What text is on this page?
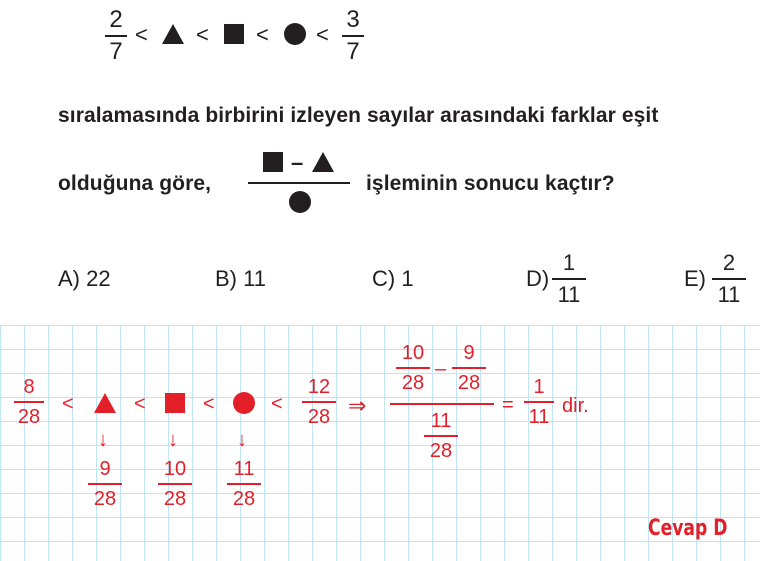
2
7
< < < <
3
7
sıralamasında birbirini izleyen sayılar arasındaki farklar eşit
olduğuna göre,
–
işleminin sonucu kaçtır?
A) 22	B) 11	C) 1	D)
1
11
E)
2
11
8
28
<	<	<	<
12
28
↓	↓	↓
9
28
10
28
11
28
⇒
10
28
–
9
28
11
28
=
1
11 dir.
Cevap D
